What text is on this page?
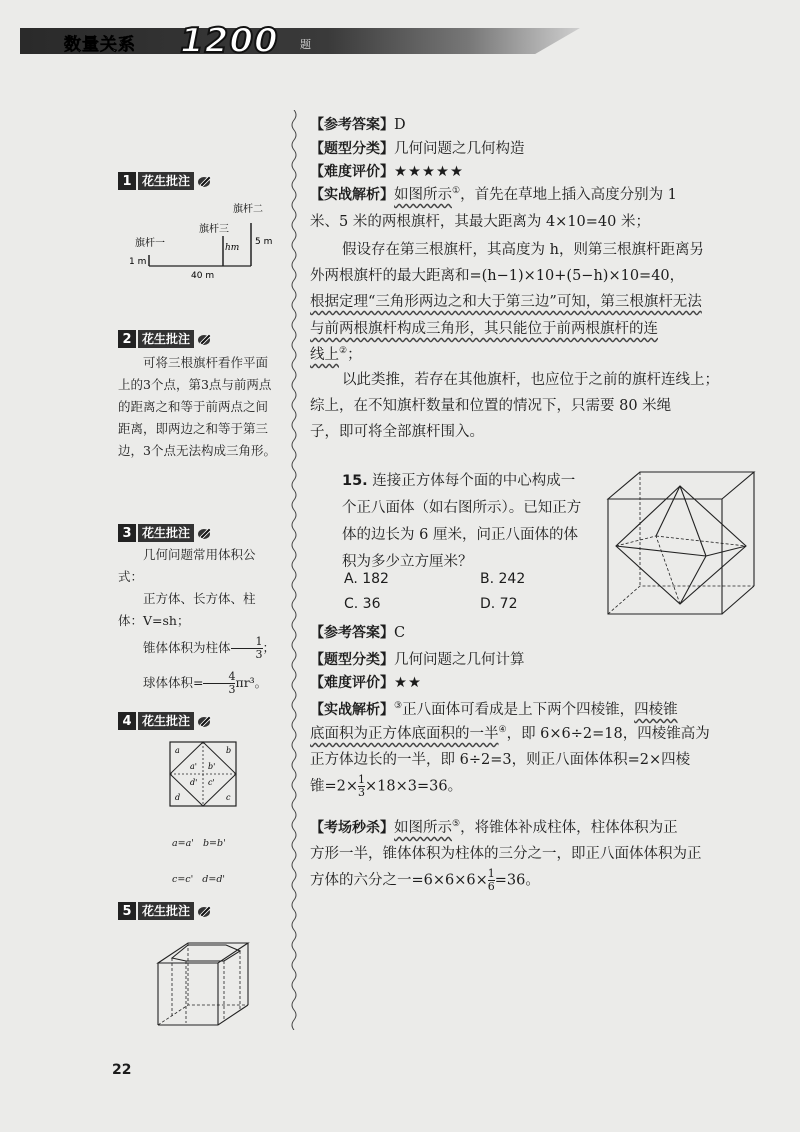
数量关系 1200 题
1 花生批注
旗杆二
旗杆三
旗杆一	hm
5 m
1 m
40 m
2 花生批注

可将三根旗杆看作平面上的3个点，第3点与前两点的距离之和等于前两点之间距离，即两边之和等于第三边，3个点无法构成三角形。

3 花生批注

几何问题常用体积公式：

正方体、长方体、柱体：V=sh；

锥体体积为柱体 $\frac{1}{3}$ ；

球体体积= $\frac{4}{3} \pi r^3$。

4 花生批注
a	b
a' b'
d' c'
d	c

a=a'   b=b'

c=c'   d=d'

5 花生批注
【参考答案】D
【题型分类】几何问题之几何构造
【难度评价】★★★★★
【实战解析】如图所示①，首先在草地上插入高度分别为 1
米、5 米的两根旗杆，其最大距离为 4×10=40 米；
假设存在第三根旗杆，其高度为 h，则第三根旗杆距离另
外两根旗杆的最大距离和=(h−1)×10+(5−h)×10=40，
根据定理“三角形两边之和大于第三边”可知，第三根旗杆无法
与前两根旗杆构成三角形，其只能位于前两根旗杆的连
线上②；
以此类推，若存在其他旗杆，也应位于之前的旗杆连线上；
综上，在不知旗杆数量和位置的情况下，只需要 80 米绳
子，即可将全部旗杆围入。
15. 连接正方体每个面的中心构成一个正八面体（如右图所示）。已知正方体的边长为 6 厘米，问正八面体的体积为多少立方厘米？
A. 182	B. 242
C. 36	D. 72
【参考答案】C
【题型分类】几何问题之几何计算
【难度评价】★★
【实战解析】③正八面体可看成是上下两个四棱锥，四棱锥
底面积为正方体底面积的一半④，即 6×6÷2=18，四棱锥高为
正方体边长的一半，即 6÷2=3，则正八面体体积=2×四棱
锥$=2\times \frac{1}{3} \times 18\times 3=36$。
【考场秒杀】如图所示⑤，将锥体补成柱体，柱体体积为正
方形一半，锥体体积为柱体的三分之一，即正八面体体积为正
方体的六分之一$=6\times 6\times 6\times \frac{1}{6} =36$。
22
